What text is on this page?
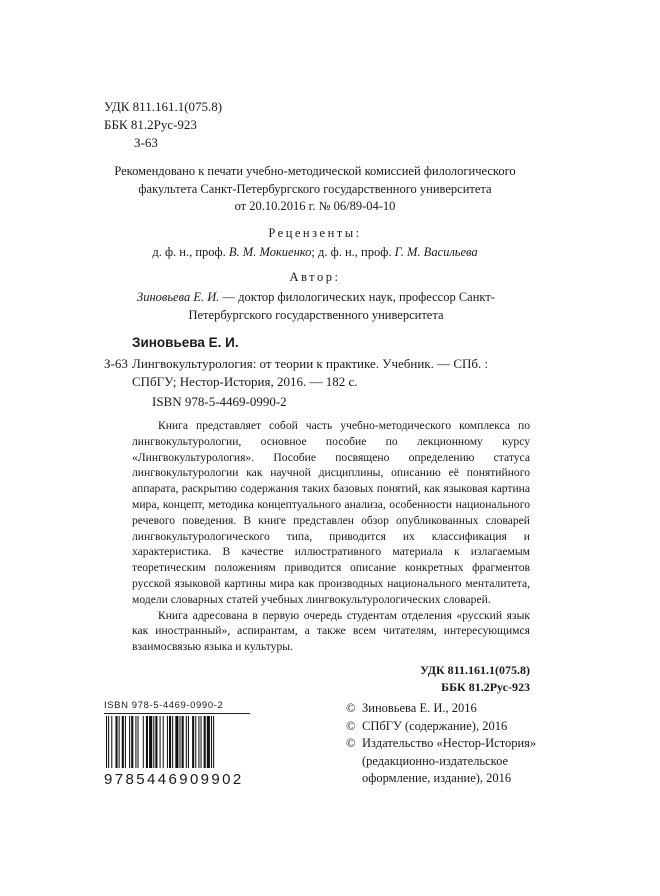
УДК 811.161.1(075.8)
ББК 81.2Рус-923
З-63
Рекомендовано к печати учебно-методической комиссией филологического
факультета Санкт-Петербургского государственного университета
от 20.10.2016 г. № 06/89-04-10
Рецензенты:
д. ф. н., проф. В. М. Мокиенко; д. ф. н., проф. Г. М. Васильева
Автор:
Зиновьева Е. И. — доктор филологических наук, профессор Санкт-
Петербургского государственного университета
Зиновьева Е. И.
З-63 Лингвокультурология: от теории к практике. Учебник. — СПб. :
СПбГУ; Нестор-История, 2016. — 182 с.
ISBN 978-5-4469-0990-2

Книга представляет собой часть учебно-методического комплекса по лингвокультурологии, основное пособие по лекционному курсу «Лингвокультурология». Пособие посвящено определению статуса лингвокультурологии как научной дисциплины, описанию её понятийного аппарата, раскрытию содержания таких базовых понятий, как языковая картина мира, концепт, методика концептуального анализа, особенности национального речевого поведения. В книге представлен обзор опубликованных словарей лингвокультурологического типа, приводится их классификация и характеристика. В качестве иллюстративного материала к излагаемым теоретическим положениям приводится описание конкретных фрагментов русской языковой картины мира как производных национального менталитета, модели словарных статей учебных лингвокультурологических словарей.

Книга адресована в первую очередь студентам отделения «русский язык как иностранный», аспирантам, а также всем читателям, интересующимся взаимосвязью языка и культуры.

УДК 811.161.1(075.8)
ББК 81.2Рус-923
ISBN 978-5-4469-0990-2
9785446909902
© Зиновьева Е. И., 2016
© СПбГУ (содержание), 2016
© Издательство «Нестор-История» (редакционно-издательское оформление, издание), 2016
